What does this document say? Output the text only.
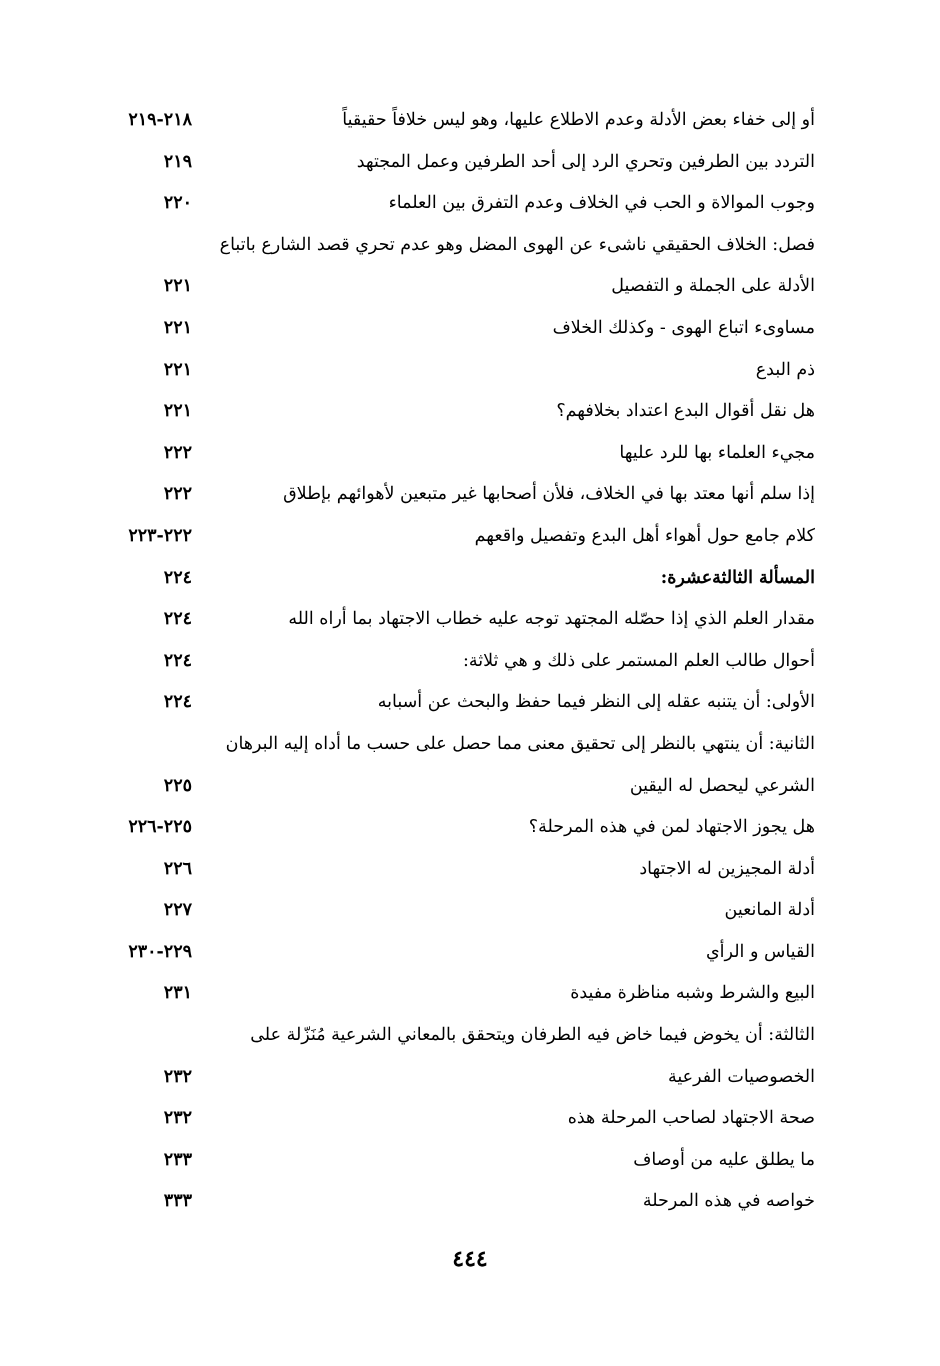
أو إلى خفاء بعض الأدلة وعدم الاطلاع عليها، وهو ليس خلافاً حقيقياً
٢١٨-٢١٩
التردد بين الطرفين وتحري الرد إلى أحد الطرفين وعمل المجتهد
٢١٩
وجوب الموالاة و الحب في الخلاف وعدم التفرق بين العلماء
٢٢٠
فصل: الخلاف الحقيقي ناشىء عن الهوى المضل وهو عدم تحري قصد الشارع باتباع
الأدلة على الجملة و التفصيل
٢٢١
مساوىء اتباع الهوى - وكذلك الخلاف
٢٢١
ذم البدع
٢٢١
هل نقل أقوال البدع اعتداد بخلافهم؟
٢٢١
مجيء العلماء بها للرد عليها
٢٢٢
إذا سلم أنها معتد بها في الخلاف، فلأن أصحابها غير متبعين لأهوائهم بإطلاق
٢٢٢
كلام جامع حول أهواء أهل البدع وتفصيل واقعهم
٢٢٢-٢٢٣
المسألة الثالثةعشرة:
٢٢٤
مقدار العلم الذي إذا حصّله المجتهد توجه عليه خطاب الاجتهاد بما أراه الله
٢٢٤
أحوال طالب العلم المستمر على ذلك و هي ثلاثة:
٢٢٤
الأولى: أن يتنبه عقله إلى النظر فيما حفظ والبحث عن أسبابه
٢٢٤
الثانية: أن ينتهي بالنظر إلى تحقيق معنى مما حصل على حسب ما أداه إليه البرهان
الشرعي ليحصل له اليقين
٢٢٥
هل يجوز الاجتهاد لمن في هذه المرحلة؟
٢٢٥-٢٢٦
أدلة المجيزين له الاجتهاد
٢٢٦
أدلة المانعين
٢٢٧
القياس و الرأي
٢٢٩-٢٣٠
البيع والشرط وشبه مناظرة مفيدة
٢٣١
الثالثة: أن يخوض فيما خاض فيه الطرفان ويتحقق بالمعاني الشرعية مُنَزّلة على
الخصوصيات الفرعية
٢٣٢
صحة الاجتهاد لصاحب المرحلة هذه
٢٣٢
ما يطلق عليه من أوصاف
٢٣٣
خواصه في هذه المرحلة
٣٣٣
٤٤٤
